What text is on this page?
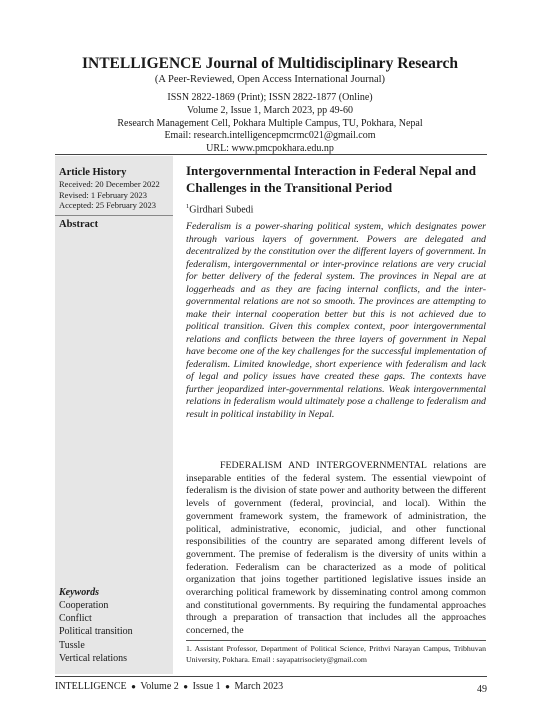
INTELLIGENCE Journal of Multidisciplinary Research
(A Peer-Reviewed, Open Access International Journal)
ISSN 2822-1869 (Print); ISSN 2822-1877 (Online)
Volume 2, Issue 1, March 2023, pp 49-60
Research Management Cell, Pokhara Multiple Campus, TU, Pokhara, Nepal
Email: research.intelligencepmcrmc021@gmail.com
URL: www.pmcpokhara.edu.np
Article History
Received: 20 December 2022
Revised: 1 February 2023
Accepted: 25 February 2023
Abstract
Keywords
Cooperation
Conflict
Political transition
Tussle
Vertical relations
Intergovernmental Interaction in Federal Nepal and Challenges in the Transitional Period
$^1$Girdhari Subedi

Federalism is a power-sharing political system, which designates power through various layers of government. Powers are delegated and decentralized by the constitution over the different layers of government. In federalism, intergovernmental or inter-province relations are very crucial for better delivery of the federal system. The provinces in Nepal are at loggerheads and as they are facing internal conflicts, and the inter-governmental relations are not so smooth. The provinces are attempting to make their internal cooperation better but this is not achieved due to political transition. Given this complex context, poor intergovernmental relations and conflicts between the three layers of government in Nepal have become one of the key challenges for the successful implementation of federalism. Limited knowledge, short experience with federalism and lack of legal and policy issues have created these gaps. The contexts have further jeopardized inter-governmental relations. Weak intergovernmental relations in federalism would ultimately pose a challenge to federalism and result in political instability in Nepal.

FEDERALISM AND INTERGOVERNMENTAL relations are inseparable entities of the federal system. The essential viewpoint of federalism is the division of state power and authority between the different levels of government (federal, provincial, and local). Within the government framework system, the framework of administration, the political, administrative, economic, judicial, and other functional responsibilities of the country are separated among different levels of government. The premise of federalism is the diversity of units within a federation. Federalism can be characterized as a mode of political organization that joins together partitioned legislative issues inside an overarching political framework by disseminating control among common and constitutional governments. By requiring the fundamental approaches through a preparation of transaction that includes all the approaches concerned, the

1. Assistant Professor, Department of Political Science, Prithvi Narayan Campus, Tribhuvan University, Pokhara. Email : sayapatrisociety@gmail.com
INTELLIGENCE ● Volume 2 ● Issue 1 ● March 2023	49
